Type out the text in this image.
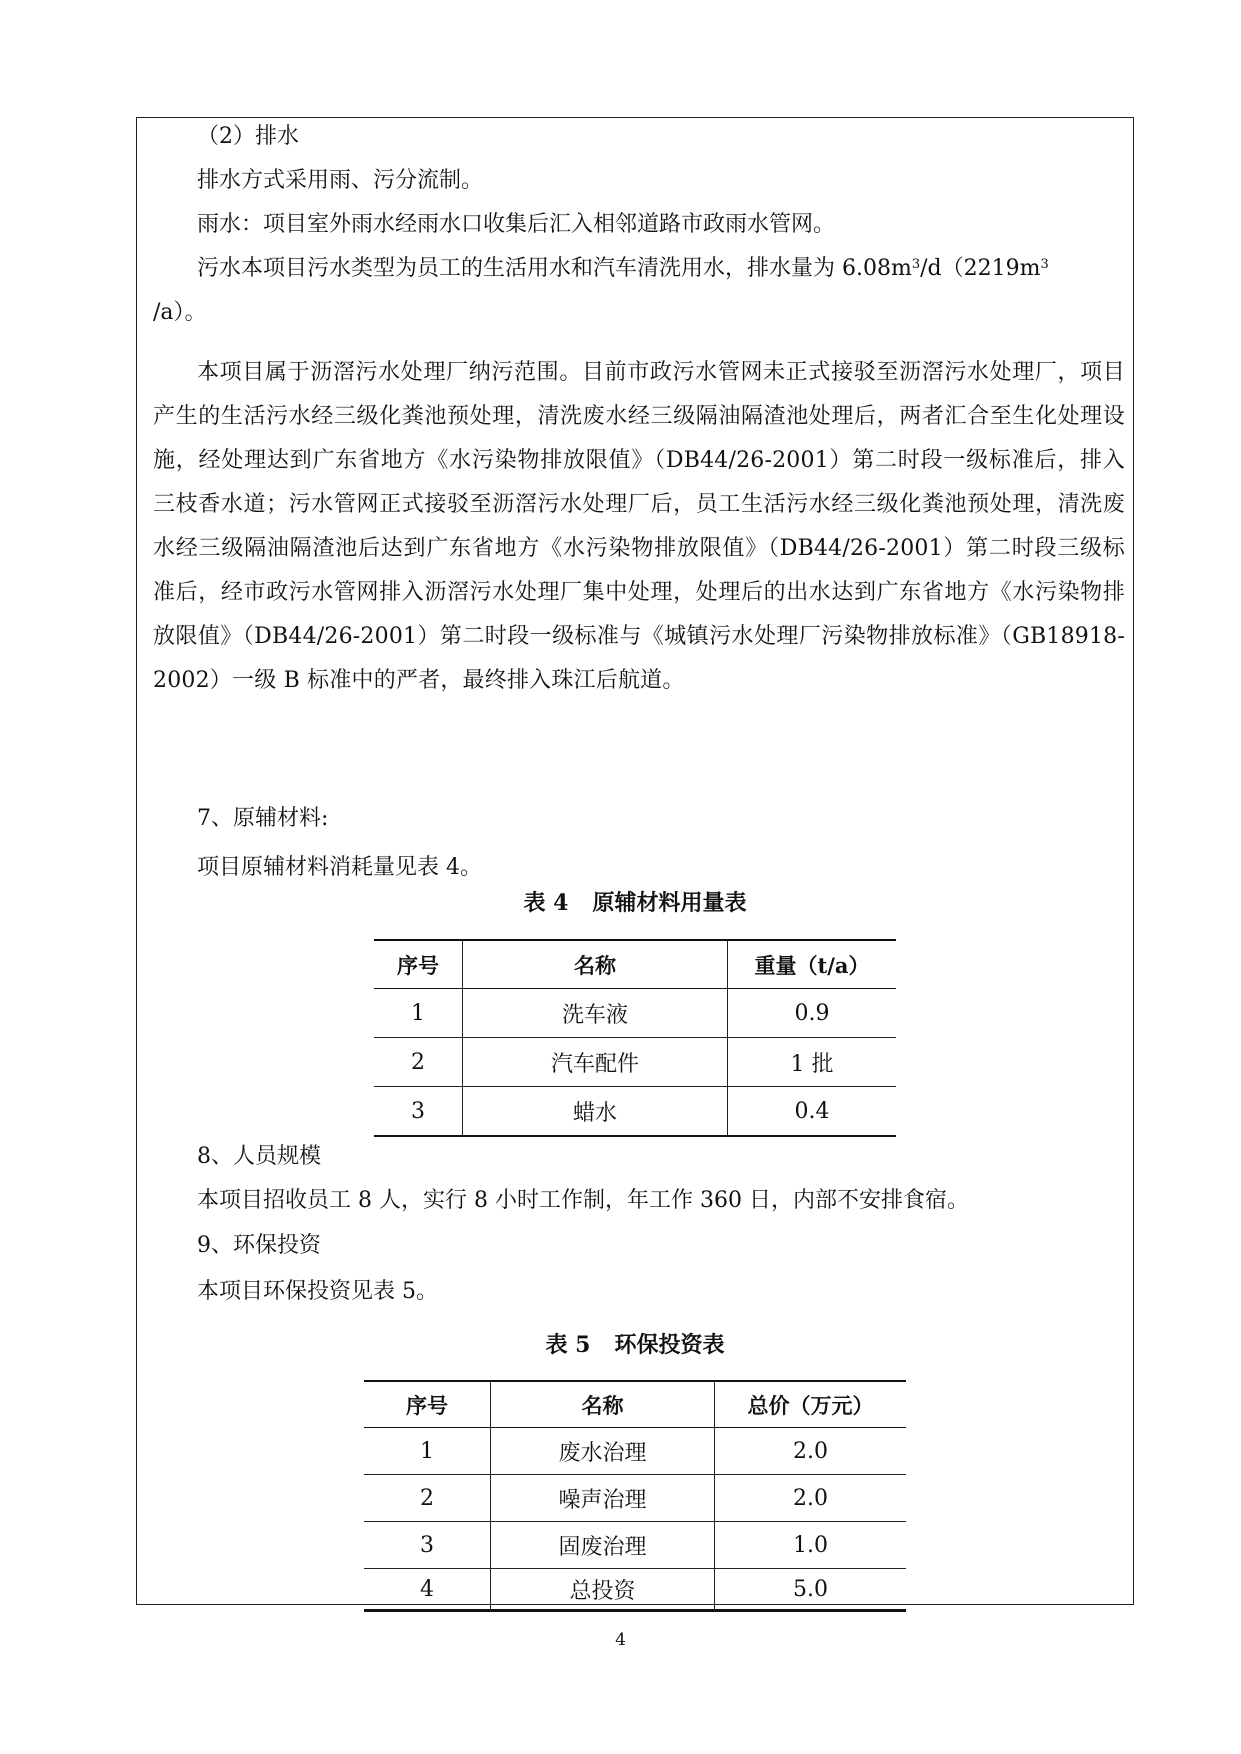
（2）排水
排水方式采用雨、污分流制。
雨水：项目室外雨水经雨水口收集后汇入相邻道路市政雨水管网。
污水本项目污水类型为员工的生活用水和汽车清洗用水，排水量为 $6.08m^3/d(2219m^3$
/a）。
本项目属于沥滘污水处理厂纳污范围。目前市政污水管网未正式接驳至沥滘污水处理厂，项目产生的生活污水经三级化粪池预处理，清洗废水经三级隔油隔渣池处理后，两者汇合至生化处理设施，经处理达到广东省地方《水污染物排放限值》（DB44/26-2001）第二时段一级标准后，排入三枝香水道；污水管网正式接驳至沥滘污水处理厂后，员工生活污水经三级化粪池预处理，清洗废水经三级隔油隔渣池后达到广东省地方《水污染物排放限值》（DB44/26-2001）第二时段三级标准后，经市政污水管网排入沥滘污水处理厂集中处理，处理后的出水达到广东省地方《水污染物排放限值》（DB44/26-2001）第二时段一级标准与《城镇污水处理厂污染物排放标准》（GB18918-2002）一级 B 标准中的严者，最终排入珠江后航道。
7、原辅材料:
项目原辅材料消耗量见表 4。
表 4 原辅材料用量表
序号	名称	重量（t/a）
1	洗车液	0.9
2	汽车配件	1 批
3	蜡水	0.4
8、人员规模
本项目招收员工 8 人，实行 8 小时工作制，年工作 360 日，内部不安排食宿。
9、环保投资
本项目环保投资见表 5。
表 5 环保投资表
序号	名称	总价（万元）
1	废水治理	2.0
2	噪声治理	2.0
3	固废治理	1.0
4	总投资	5.0
4
